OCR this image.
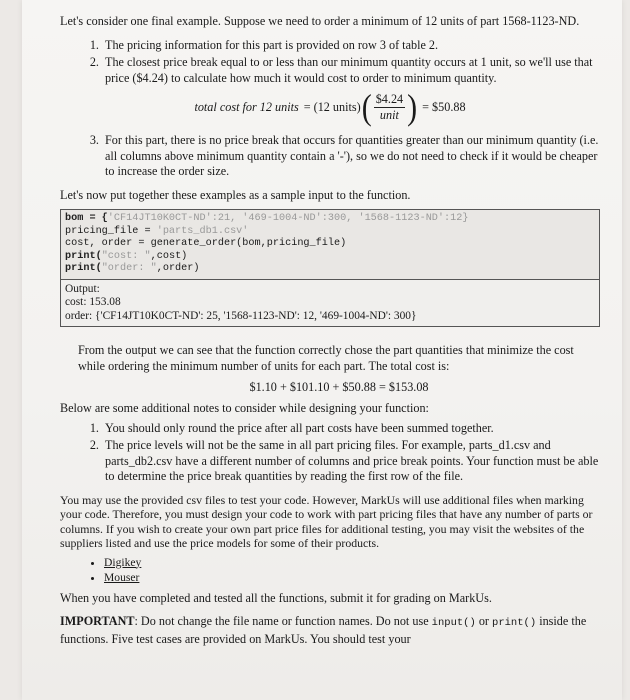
Let's consider one final example. Suppose we need to order a minimum of 12 units of part 1568-1123-ND.

1. The pricing information for this part is provided on row 3 of table 2.
2. The closest price break equal to or less than our minimum quantity occurs at 1 unit, so we'll use that price ($4.24) to calculate how much it would cost to order to minimum quantity.
total cost for 12 units = (12 units) ( $\frac{\$4.24}{\text{unit}}$ ) = $50.88
3. For this part, there is no price break that occurs for quantities greater than our minimum quantity (i.e. all columns above minimum quantity contain a '-'), so we do not need to check if it would be cheaper to increase the order size.

Let's now put together these examples as a sample input to the function.

bom = {'CF14JT10K0CT-ND':21, '469-1004-ND':300, '1568-1123-ND':12}
pricing_file = 'parts_db1.csv'
cost, order = generate_order(bom,pricing_file)
print("cost: ",cost)
print("order: ",order)
Output:
cost: 153.08
order: {'CF14JT10K0CT-ND': 25, '1568-1123-ND': 12, '469-1004-ND': 300}

From the output we can see that the function correctly chose the part quantities that minimize the cost while ordering the minimum number of units for each part. The total cost is:

$1.10 + $101.10 + $50.88 = $153.08

Below are some additional notes to consider while designing your function:

1. You should only round the price after all part costs have been summed together.
2. The price levels will not be the same in all part pricing files. For example, parts_d1.csv and parts_db2.csv have a different number of columns and price break points. Your function must be able to determine the price break quantities by reading the first row of the file.

You may use the provided csv files to test your code. However, MarkUs will use additional files when marking your code. Therefore, you must design your code to work with part pricing files that have any number of parts or columns. If you wish to create your own part price files for additional testing, you may visit the websites of the suppliers listed and use the price models for some of their products.

• Digikey
• Mouser

When you have completed and tested all the functions, submit it for grading on MarkUs.

IMPORTANT: Do not change the file name or function names. Do not use input() or print() inside the functions. Five test cases are provided on MarkUs. You should test your
